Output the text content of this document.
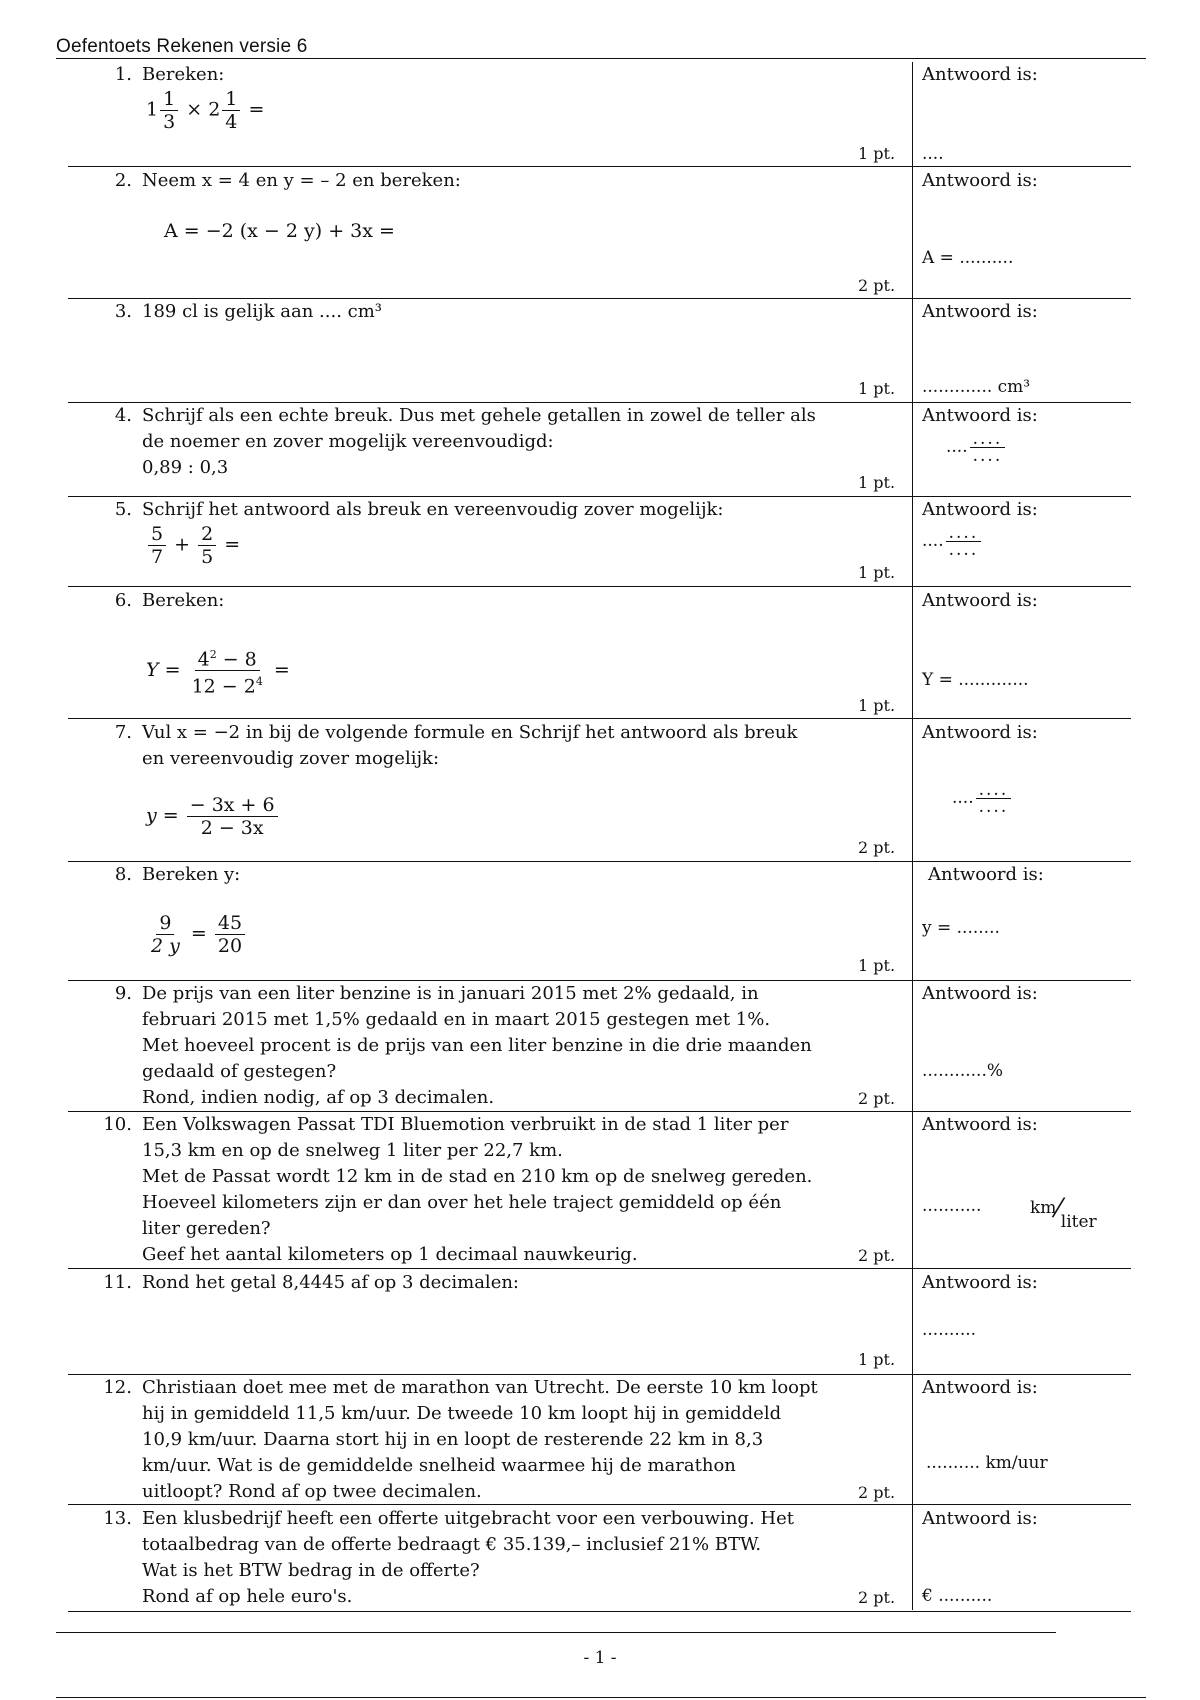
Oefentoets Rekenen versie 6
1. Bereken:
$1 \frac{1}{3} \times 2 \frac{1}{4}$ =
1 pt.
Antwoord is:
....
2. Neem x = 4 en y = – 2 en bereken:
A = −2 (x − 2 y) + 3x =
2 pt.
Antwoord is:
A = ..........
3. 189 cl is gelijk aan .... cm³
1 pt.
Antwoord is:
............. cm³
4. Schrijf als een echte breuk. Dus met gehele getallen in zowel de teller als
de noemer en zover mogelijk vereenvoudigd:
0,89 : 0,3
1 pt.
Antwoord is:
.... $\frac{....}{....}$
5. Schrijf het antwoord als breuk en vereenvoudig zover mogelijk:
$\frac{5}{7} + \frac{2}{5}$ =
1 pt.
Antwoord is:
.... $\frac{....}{....}$
6. Bereken:
$Y = \frac{4^2 - 8}{12 - 2^4}$ =
1 pt.
Antwoord is:
Y = .............
7. Vul x = −2 in bij de volgende formule en Schrijf het antwoord als breuk
en vereenvoudig zover mogelijk:
$y = \frac{- 3x + 6}{2 - 3x}$
2 pt.
Antwoord is:
.... $\frac{....}{....}$
8. Bereken y:
$\frac{9}{2 y} = \frac{45}{20}$
1 pt.
Antwoord is:
y = ........
9. De prijs van een liter benzine is in januari 2015 met 2% gedaald, in
februari 2015 met 1,5% gedaald en in maart 2015 gestegen met 1%.
Met hoeveel procent is de prijs van een liter benzine in die drie maanden
gedaald of gestegen?
Rond, indien nodig, af op 3 decimalen.	2 pt.
Antwoord is:
............%
10. Een Volkswagen Passat TDI Bluemotion verbruikt in de stad 1 liter per
15,3 km en op de snelweg 1 liter per 22,7 km.
Met de Passat wordt 12 km in de stad en 210 km op de snelweg gereden.
Hoeveel kilometers zijn er dan over het hele traject gemiddeld op één
liter gereden?
Geef het aantal kilometers op 1 decimaal nauwkeurig.	2 pt.
Antwoord is:
...........	km⁄liter
11. Rond het getal 8,4445 af op 3 decimalen:
1 pt.
Antwoord is:
..........
12. Christiaan doet mee met de marathon van Utrecht. De eerste 10 km loopt
hij in gemiddeld 11,5 km/uur. De tweede 10 km loopt hij in gemiddeld
10,9 km/uur. Daarna stort hij in en loopt de resterende 22 km in 8,3
km/uur. Wat is de gemiddelde snelheid waarmee hij de marathon
uitloopt? Rond af op twee decimalen.	2 pt.
Antwoord is:
.......... km/uur
13. Een klusbedrijf heeft een offerte uitgebracht voor een verbouwing. Het
totaalbedrag van de offerte bedraagt € 35.139,– inclusief 21% BTW.
Wat is het BTW bedrag in de offerte?
Rond af op hele euro's.	2 pt.
Antwoord is:
€ ..........
- 1 -
